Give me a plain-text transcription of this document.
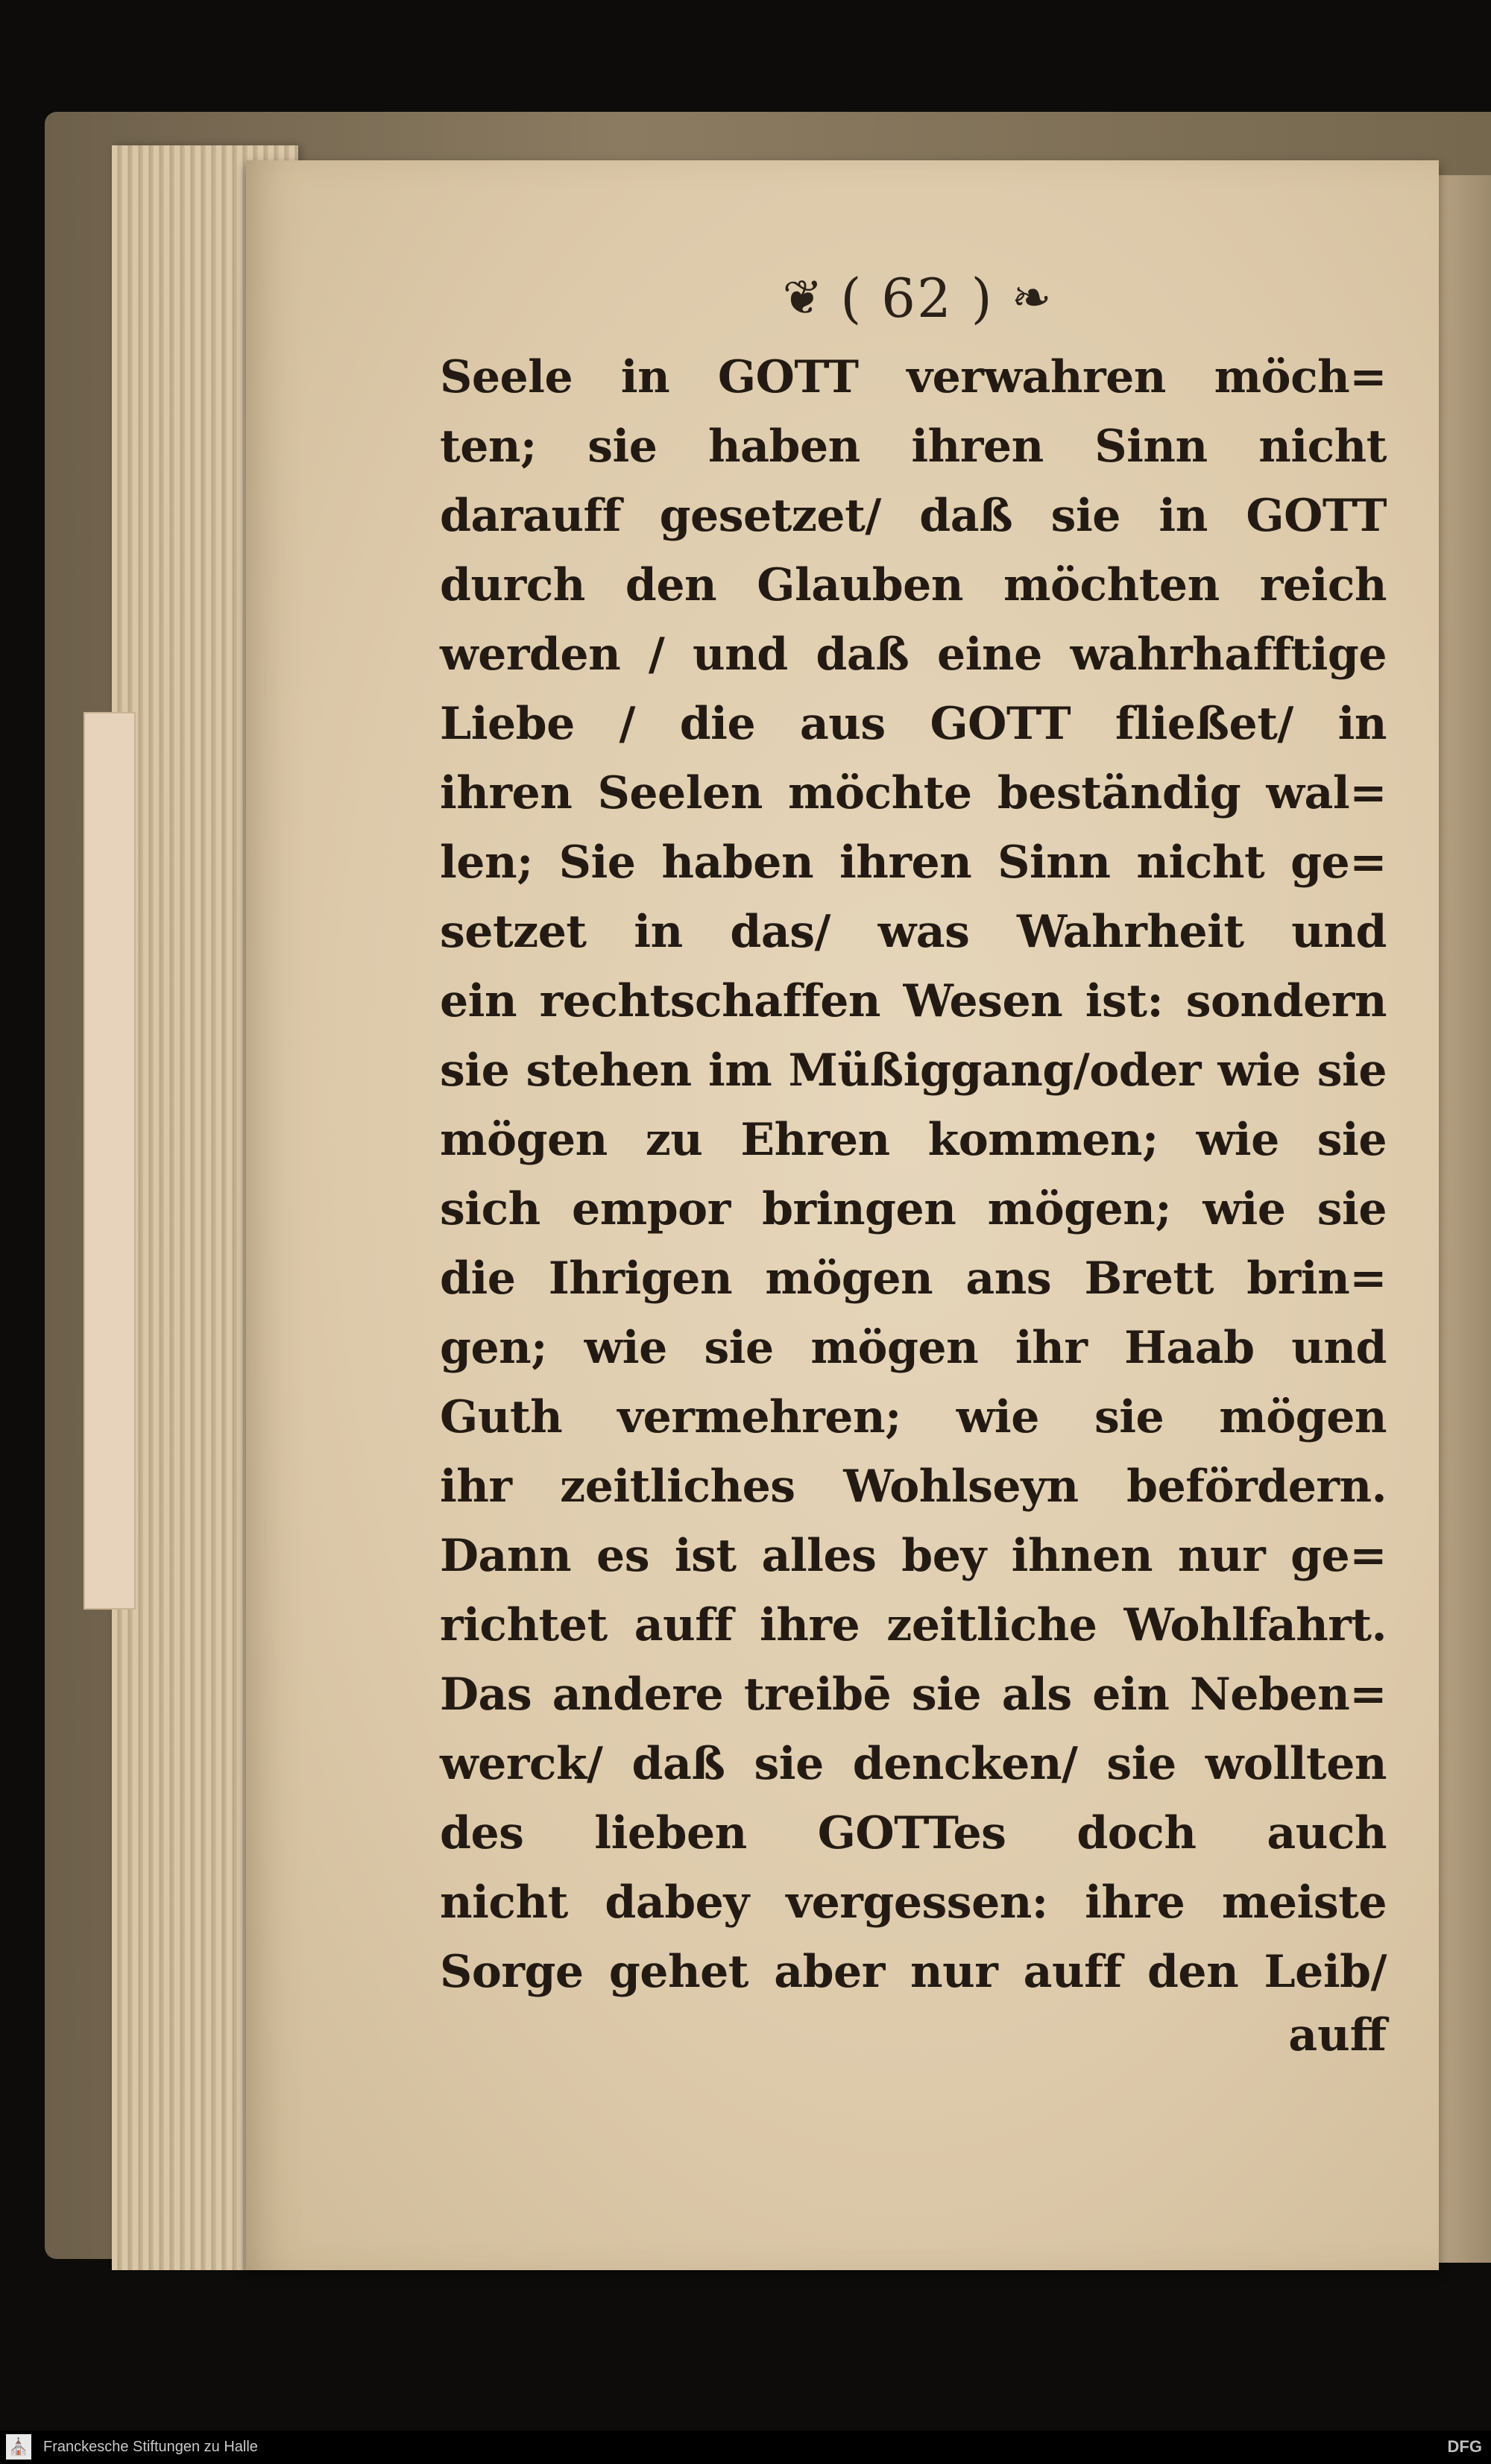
❦ ( 62 ) ❧
Seele in GOTT verwahren möch=
ten; sie haben ihren Sinn nicht
darauff gesetzet/ daß sie in GOTT
durch den Glauben möchten reich
werden / und daß eine wahrhafftige
Liebe / die aus GOTT fließet/ in
ihren Seelen möchte beständig wal=
len; Sie haben ihren Sinn nicht ge=
setzet in das/ was Wahrheit und
ein rechtschaffen Wesen ist: sondern
sie stehen im Müßiggang/oder wie sie
mögen zu Ehren kommen; wie sie
sich empor bringen mögen; wie sie
die Ihrigen mögen ans Brett brin=
gen; wie sie mögen ihr Haab und
Guth vermehren; wie sie mögen
ihr zeitliches Wohlseyn befördern.
Dann es ist alles bey ihnen nur ge=
richtet auff ihre zeitliche Wohlfahrt.
Das andere treibē sie als ein Neben=
werck/ daß sie dencken/ sie wollten
des lieben GOTTes doch auch
nicht dabey vergessen: ihre meiste
Sorge gehet aber nur auff den Leib/
auff
⛪ Franckesche Stiftungen zu Halle	DFG
